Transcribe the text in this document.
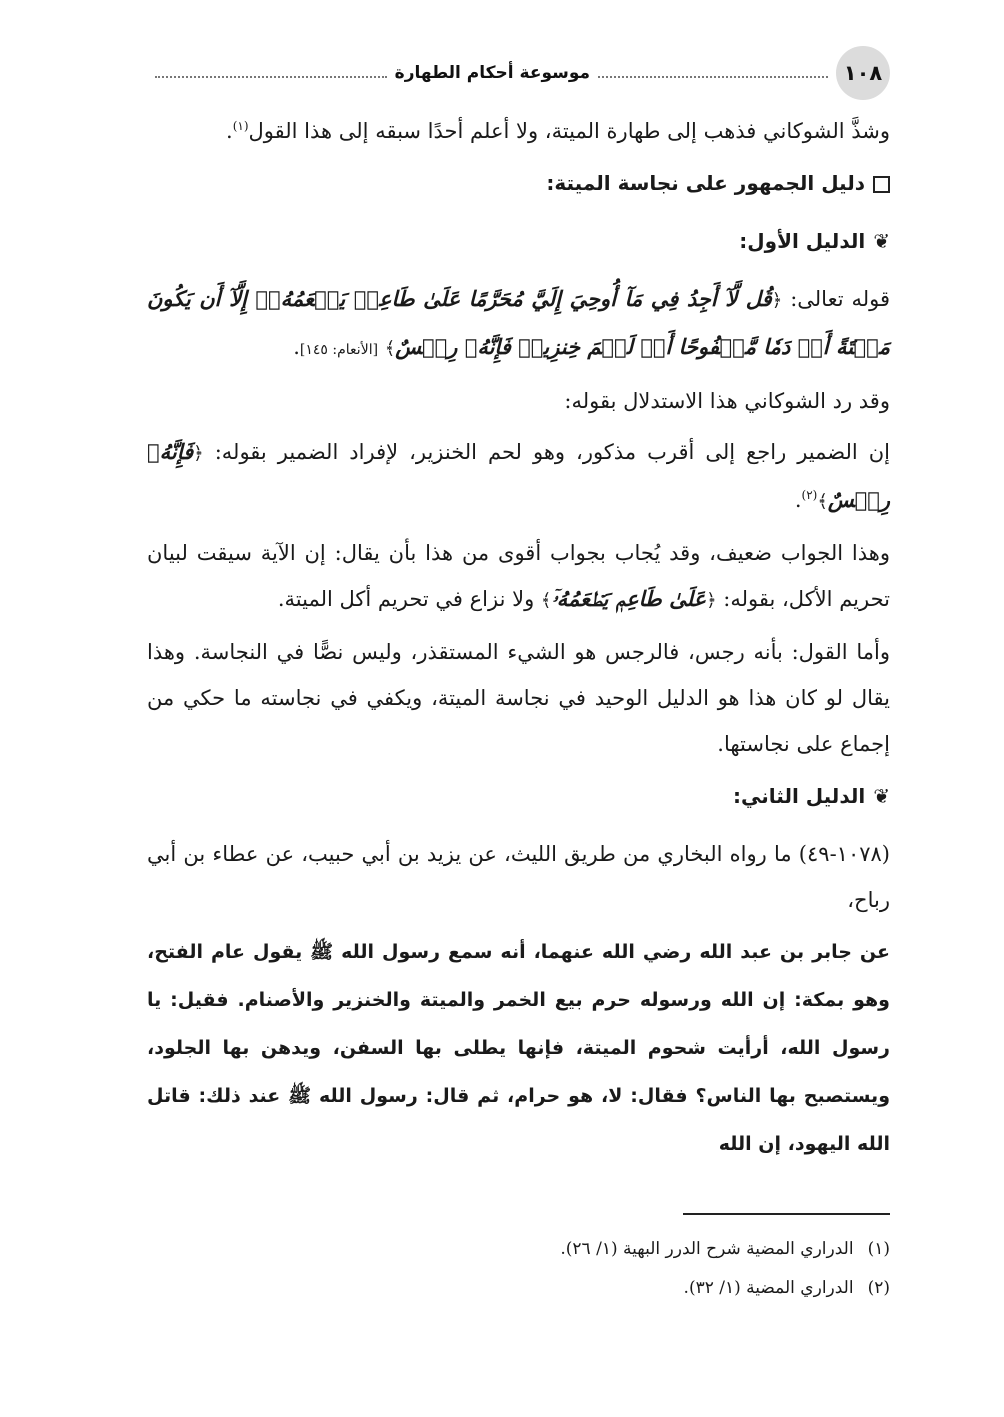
١٠٨
موسوعة أحكام الطهارة

وشذَّ الشوكاني فذهب إلى طهارة الميتة، ولا أعلم أحدًا سبقه إلى هذا القول$^{(١)}$.

دليل الجمهور على نجاسة الميتة:

❦الدليل الأول:

قوله تعالى: ﴿قُل لَّآ أَجِدُ فِي مَآ أُوحِيَ إِلَيَّ مُحَرَّمًا عَلَىٰ طَاعِمٖ يَطۡعَمُهُۥٓ إِلَّآ أَن يَكُونَ مَيۡتَةً أَوۡ دَمٗا مَّسۡفُوحًا أَوۡ لَحۡمَ خِنزِيرٖ فَإِنَّهُۥ رِجۡسٌ﴾ [الأنعام: ١٤٥].

وقد رد الشوكاني هذا الاستدلال بقوله:

إن الضمير راجع إلى أقرب مذكور، وهو لحم الخنزير، لإفراد الضمير بقوله: ﴿فَإِنَّهُۥ رِجۡسٌ﴾$^{(٢)}$.

وهذا الجواب ضعيف، وقد يُجاب بجواب أقوى من هذا بأن يقال: إن الآية سيقت لبيان تحريم الأكل، بقوله: ﴿عَلَىٰ طَاعِمٖ يَطۡعَمُهُۥٓ﴾ ولا نزاع في تحريم أكل الميتة.

وأما القول: بأنه رجس، فالرجس هو الشيء المستقذر، وليس نصًّا في النجاسة. وهذا يقال لو كان هذا هو الدليل الوحيد في نجاسة الميتة، ويكفي في نجاسته ما حكي من إجماع على نجاستها.

❦الدليل الثاني:

(١٠٧٨-٤٩) ما رواه البخاري من طريق الليث، عن يزيد بن أبي حبيب، عن عطاء بن أبي رباح،

عن جابر بن عبد الله رضي الله عنهما، أنه سمع رسول الله ﷺ يقول عام الفتح، وهو بمكة: إن الله ورسوله حرم بيع الخمر والميتة والخنزير والأصنام. فقيل: يا رسول الله، أرأيت شحوم الميتة، فإنها يطلى بها السفن، ويدهن بها الجلود، ويستصبح بها الناس؟ فقال: لا، هو حرام، ثم قال: رسول الله ﷺ عند ذلك: قاتل الله اليهود، إن الله

(١)الدراري المضية شرح الدرر البهية (١/ ٢٦).

(٢)الدراري المضية (١/ ٣٢).
